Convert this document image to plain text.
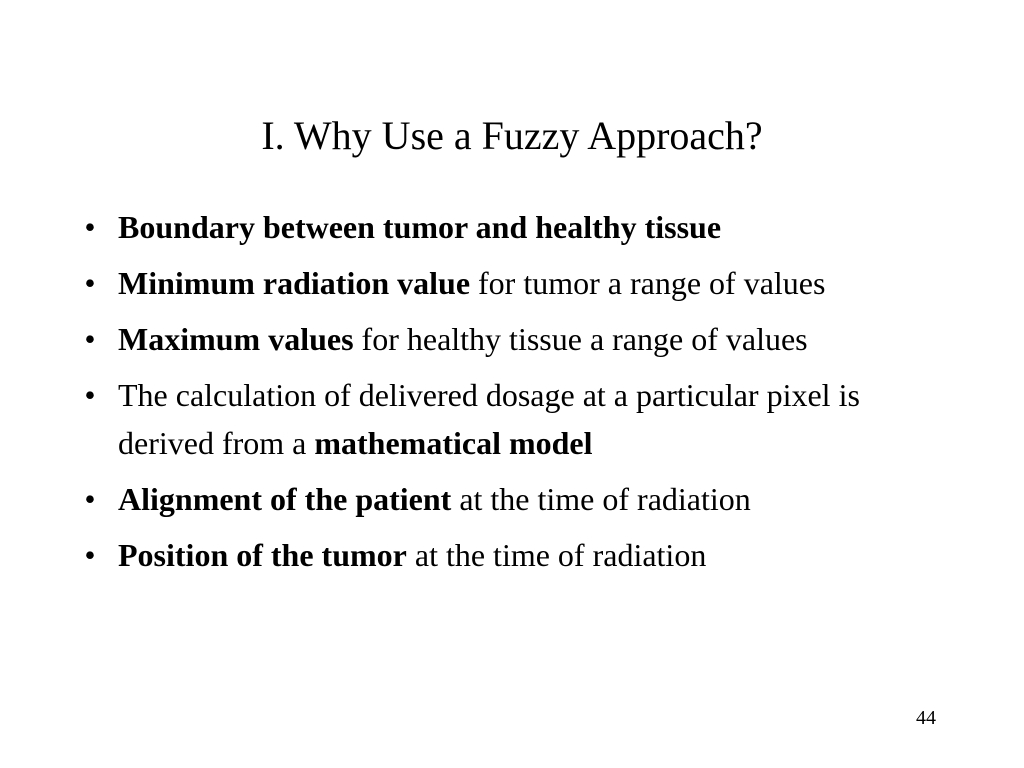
I. Why Use a Fuzzy Approach?
• Boundary between tumor and healthy tissue
• Minimum radiation value for tumor a range of values
• Maximum values for healthy tissue a range of values
• The calculation of delivered dosage at a particular pixel is derived from a mathematical model
• Alignment of the patient at the time of radiation
• Position of the tumor at the time of radiation
44
